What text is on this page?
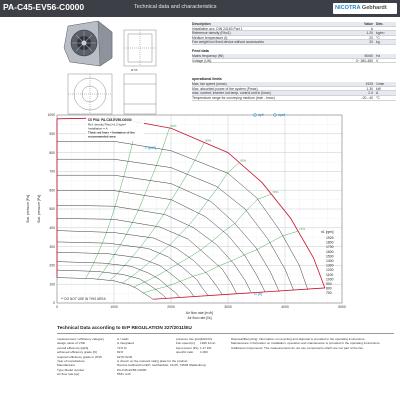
PA-C45-EV56-C0000	Technical data and characteristics	NICOTRA Gebhardt
Ø 56
Description	Value Dim.
Installation acc. DIN 24163 Part 1	A
Reference density (Rho1)	1.20 kg/m³
Medium temperature (t)	20 °C
Fan weight incl fixed device without accessories	20 kg
Feed data
Mains frequency (fN)	50/60 Hz
Voltage (UN)	3~ 380-480 V
operational limits
Max. fan speed (nmax)	1925 1/min
Max. absorbed power of the system (Pmax)	1.30 kW
max. current, inverter out temp. control unit in (Imax)	2.0 A
Temperature range for conveying medium (tmin - tmax)	-20...40 °C
0	1000	2000	3000	4000	5000
0
100
200
300
400
500
600
700
800
900
1000
1925
1800
1700
1600
1500
1400
1300
1200
1100
1000
900
800
700
50%
60%
65%
70%
72%
Stat. pressure [Pa]
Stat. pressure [Pa]
Air flow rate [m³/h]
Air flow rate [l/s]
** DO NOT USE IN THIS AREA
C0 P0A: PA-C45-EV56-C0000
Ref. density Rho1=1.2 kg/m³
Installation = A
Thick red lines = limitation of the
recommended area
dpfl	dpsfl
P1[kW]
I1 [A]
n1 [rpm]
Technical Data according to ErP REGULATION 327/2011/EU
measurement / efficiency category	A / static
design value of VSD	is integrated
overall efficiency [ηES]	72.8 %
achieved efficiency grade [N]	82.8
required efficiency grade in 2015	62 [N 62.8]
Year of manufacture	is shown on the relevant rating plate for the product
Manufacturer	Nicotra Gebhardt GmbH, Gebhardtstr. 19-25, 74638 Waldenburg
Type Model number	PA-C45-EV56-C0000
Air flow rate [qv]	5531 m³/h
pressure rise [pst] 1020 Pa
Fan speed [n]	1925 1/min
input power [Pe] 1.17 kW
specific ratio	1.000
Disposal/Recycling: Information on recycling and disposal is provided in the operating instructions.
Maintenance: Information on installation, operation and maintenance is provided in the operating instructions.
Additional components: The measurements do not use components which are not part of the fan.
